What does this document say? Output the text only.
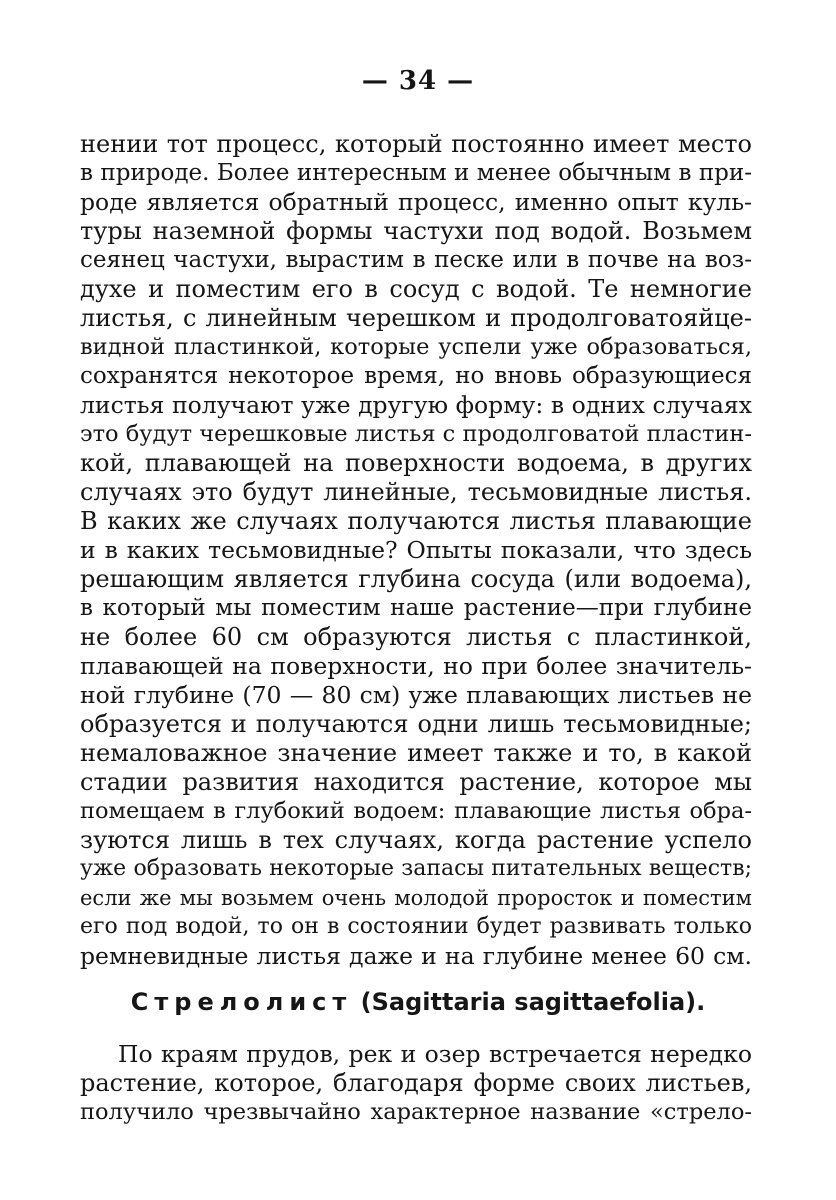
— 34 —
нении тот процесс, который постоянно имеет место
в природе. Более интересным и менее обычным в при-
роде является обратный процесс, именно опыт куль-
туры наземной формы частухи под водой. Возьмем
сеянец частухи, вырастим в песке или в почве на воз-
духе и поместим его в сосуд с водой. Те немногие
листья, с линейным черешком и продолговатояйце-
видной пластинкой, которые успели уже образоваться,
сохранятся некоторое время, но вновь образующиеся
листья получают уже другую форму: в одних случаях
это будут черешковые листья с продолговатой пластин-
кой, плавающей на поверхности водоема, в других
случаях это будут линейные, тесьмовидные листья.
В каких же случаях получаются листья плавающие
и в каких тесьмовидные? Опыты показали, что здесь
решающим является глубина сосуда (или водоема),
в который мы поместим наше растение—при глубине
не более 60 см образуются листья с пластинкой,
плавающей на поверхности, но при более значитель-
ной глубине (70 — 80 см) уже плавающих листьев не
образуется и получаются одни лишь тесьмовидные;
немаловажное значение имеет также и то, в какой
стадии развития находится растение, которое мы
помещаем в глубокий водоем: плавающие листья обра-
зуются лишь в тех случаях, когда растение успело
уже образовать некоторые запасы питательных веществ;
если же мы возьмем очень молодой проросток и поместим
его под водой, то он в состоянии будет развивать только
ремневидные листья даже и на глубине менее 60 см.
Стрелолист (Sagittaria sagittaefolia).
По краям прудов, рек и озер встречается нередко
растение, которое, благодаря форме своих листьев,
получило чрезвычайно характерное название «стрело-
